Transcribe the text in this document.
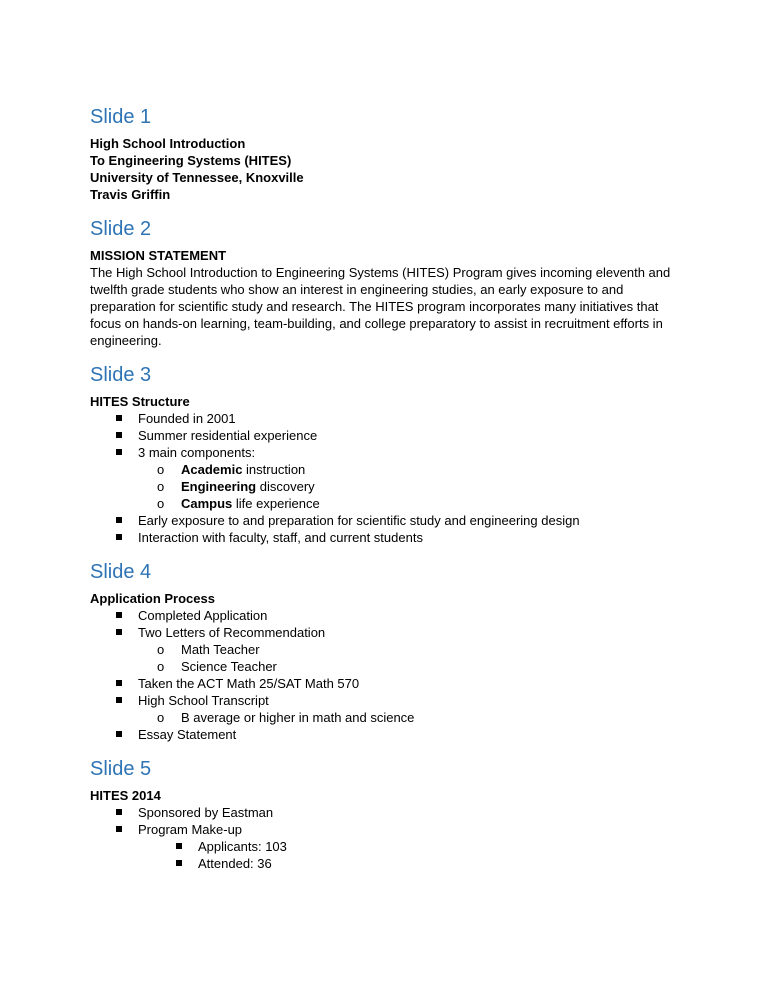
Slide 1

High School Introduction

To Engineering Systems (HITES)

University of Tennessee, Knoxville

Travis Griffin

Slide 2

MISSION STATEMENT

The High School Introduction to Engineering Systems (HITES) Program gives incoming eleventh and twelfth grade students who show an interest in engineering studies, an early exposure to and preparation for scientific study and research. The HITES program incorporates many initiatives that focus on hands-on learning, team-building, and college preparatory to assist in recruitment efforts in engineering.

Slide 3

HITES Structure

Founded in 2001
Summer residential experience
3 main components:
o Academic instruction
o Engineering discovery
o Campus life experience
Early exposure to and preparation for scientific study and engineering design
Interaction with faculty, staff, and current students
Slide 4

Application Process

Completed Application
Two Letters of Recommendation
o Math Teacher
o Science Teacher
Taken the ACT Math 25/SAT Math 570
High School Transcript
o B average or higher in math and science
Essay Statement
Slide 5

HITES 2014

Sponsored by Eastman
Program Make-up
Applicants: 103
Attended: 36
